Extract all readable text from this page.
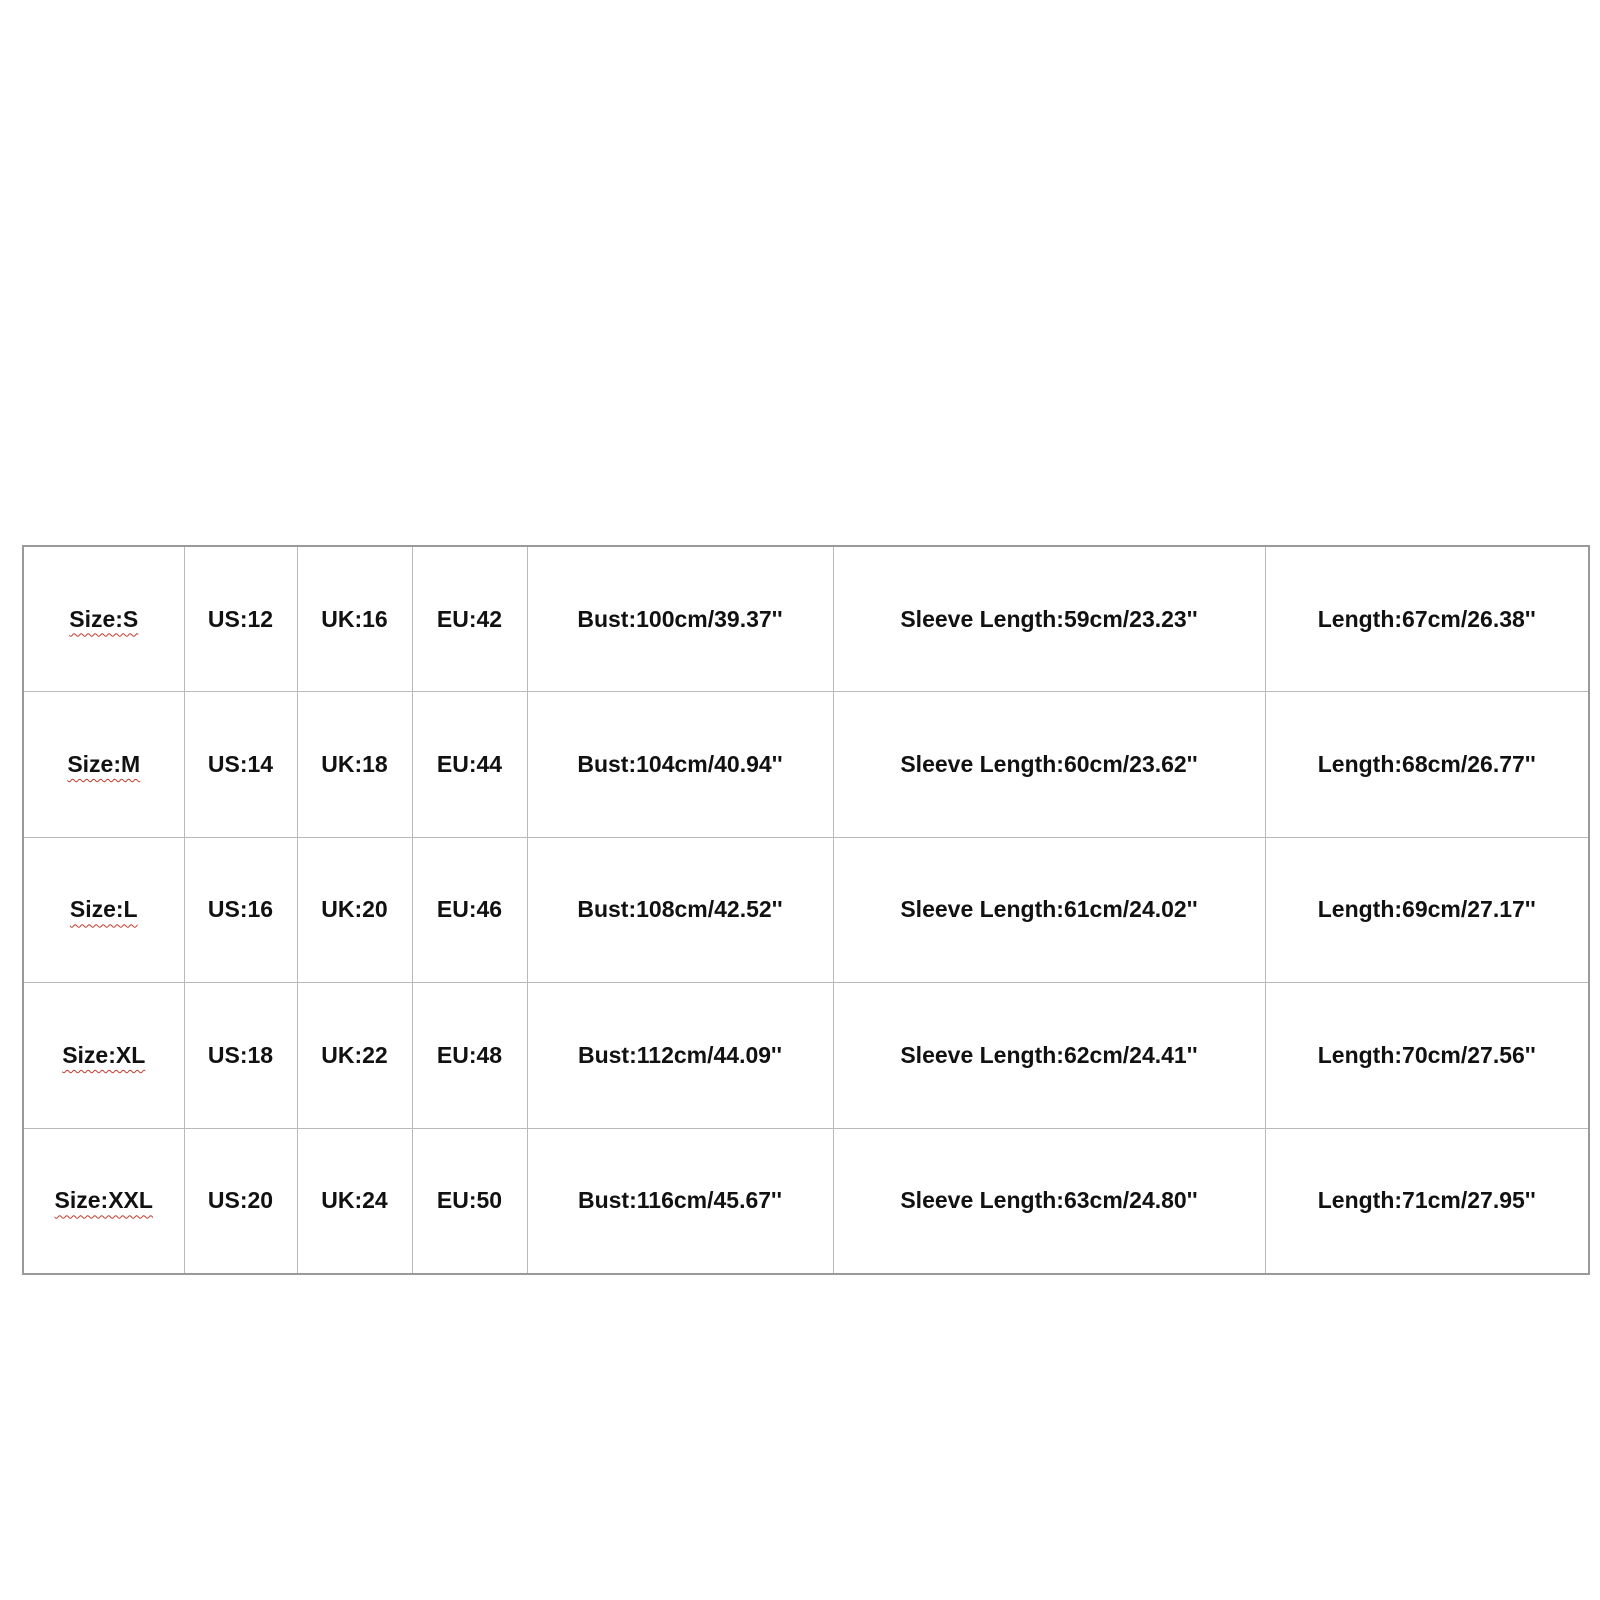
Size:S	US:12	UK:16	EU:42	Bust:100cm/39.37''	Sleeve Length:59cm/23.23''	Length:67cm/26.38''
Size:M	US:14	UK:18	EU:44	Bust:104cm/40.94''	Sleeve Length:60cm/23.62''	Length:68cm/26.77''
Size:L	US:16	UK:20	EU:46	Bust:108cm/42.52''	Sleeve Length:61cm/24.02''	Length:69cm/27.17''
Size:XL	US:18	UK:22	EU:48	Bust:112cm/44.09''	Sleeve Length:62cm/24.41''	Length:70cm/27.56''
Size:XXL	US:20	UK:24	EU:50	Bust:116cm/45.67''	Sleeve Length:63cm/24.80''	Length:71cm/27.95''
